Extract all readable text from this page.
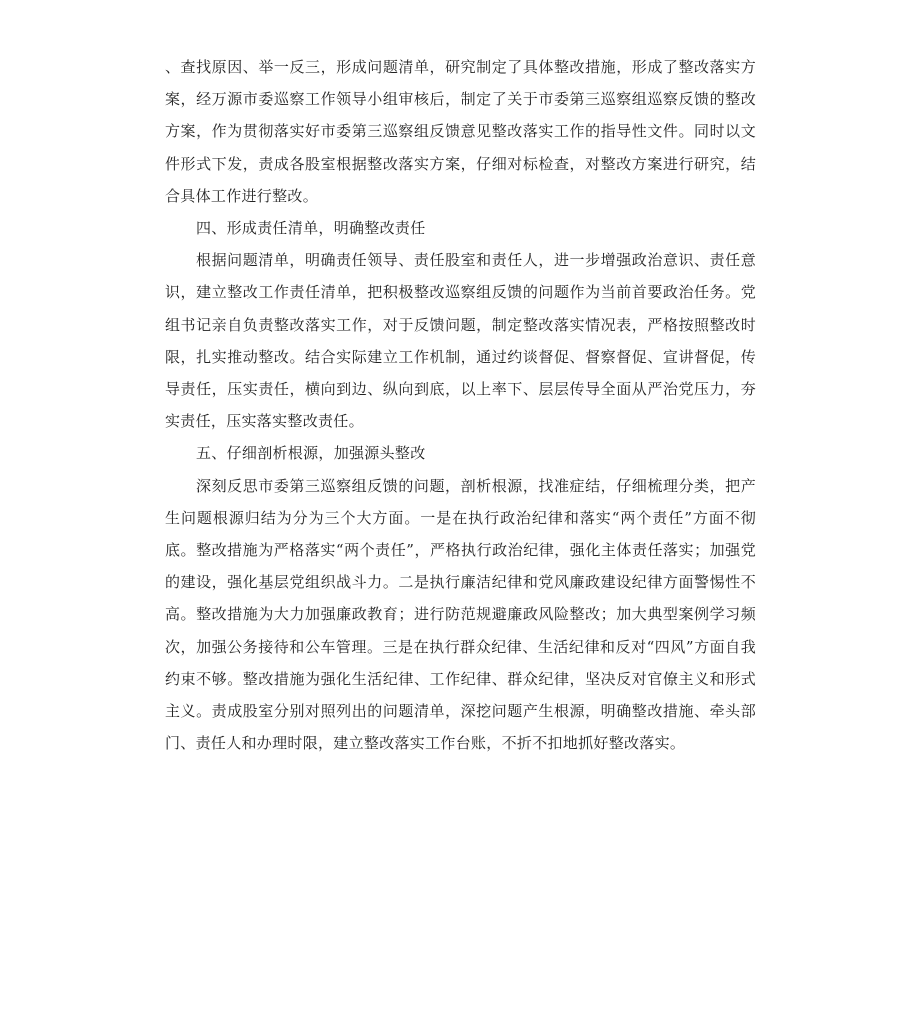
、查找原因、举一反三，形成问题清单，研究制定了具体整改措施，形成了整改落实方案，经万源市委巡察工作领导小组审核后，制定了关于市委第三巡察组巡察反馈的整改方案，作为贯彻落实好市委第三巡察组反馈意见整改落实工作的指导性文件。同时以文件形式下发，责成各股室根据整改落实方案，仔细对标检查，对整改方案进行研究，结合具体工作进行整改。

四、形成责任清单，明确整改责任

根据问题清单，明确责任领导、责任股室和责任人，进一步增强政治意识、责任意识，建立整改工作责任清单，把积极整改巡察组反馈的问题作为当前首要政治任务。党组书记亲自负责整改落实工作，对于反馈问题，制定整改落实情况表，严格按照整改时限，扎实推动整改。结合实际建立工作机制，通过约谈督促、督察督促、宣讲督促，传导责任，压实责任，横向到边、纵向到底，以上率下、层层传导全面从严治党压力，夯实责任，压实落实整改责任。

五、仔细剖析根源，加强源头整改

深刻反思市委第三巡察组反馈的问题，剖析根源，找准症结，仔细梳理分类，把产生问题根源归结为分为三个大方面。一是在执行政治纪律和落实“两个责任”方面不彻底。整改措施为严格落实“两个责任”，严格执行政治纪律，强化主体责任落实；加强党的建设，强化基层党组织战斗力。二是执行廉洁纪律和党风廉政建设纪律方面警惕性不高。整改措施为大力加强廉政教育；进行防范规避廉政风险整改；加大典型案例学习频次，加强公务接待和公车管理。三是在执行群众纪律、生活纪律和反对“四风”方面自我约束不够。整改措施为强化生活纪律、工作纪律、群众纪律，坚决反对官僚主义和形式主义。责成股室分别对照列出的问题清单，深挖问题产生根源，明确整改措施、牵头部门、责任人和办理时限，建立整改落实工作台账，不折不扣地抓好整改落实。
